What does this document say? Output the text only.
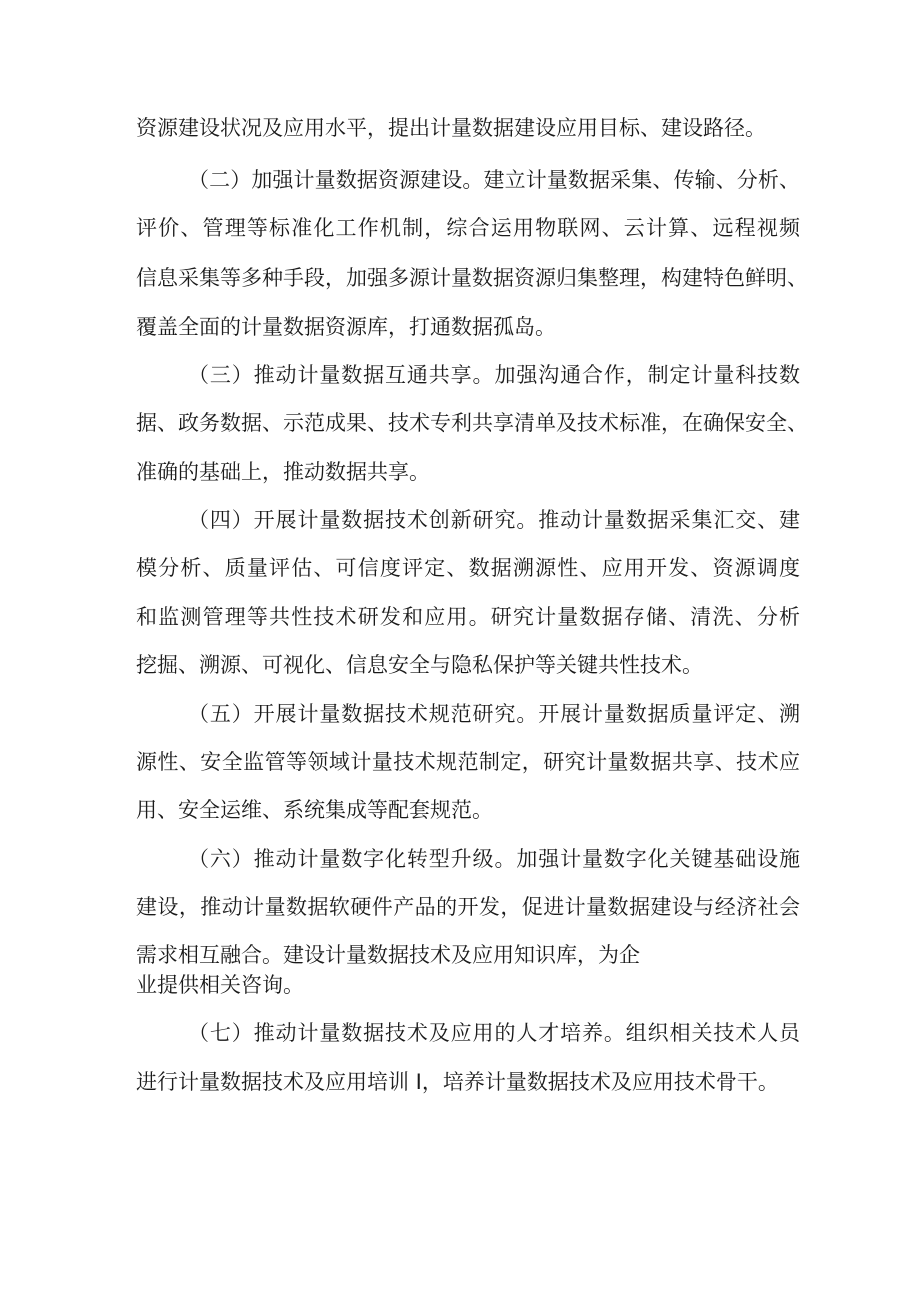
资源建设状况及应用水平，提出计量数据建设应用目标、建设路径。
（二）加强计量数据资源建设。建立计量数据采集、传输、分析、
评价、管理等标准化工作机制，综合运用物联网、云计算、远程视频
信息采集等多种手段，加强多源计量数据资源归集整理，构建特色鲜明、
覆盖全面的计量数据资源库，打通数据孤岛。
（三）推动计量数据互通共享。加强沟通合作，制定计量科技数
据、政务数据、示范成果、技术专利共享清单及技术标准，在确保安全、
准确的基础上，推动数据共享。
（四）开展计量数据技术创新研究。推动计量数据采集汇交、建
模分析、质量评估、可信度评定、数据溯源性、应用开发、资源调度
和监测管理等共性技术研发和应用。研究计量数据存储、清洗、分析
挖掘、溯源、可视化、信息安全与隐私保护等关键共性技术。
（五）开展计量数据技术规范研究。开展计量数据质量评定、溯
源性、安全监管等领域计量技术规范制定，研究计量数据共享、技术应
用、安全运维、系统集成等配套规范。
（六）推动计量数字化转型升级。加强计量数字化关键基础设施
建设，推动计量数据软硬件产品的开发，促进计量数据建设与经济社会
需求相互融合。建设计量数据技术及应用知识库，为企
业提供相关咨询。
（七）推动计量数据技术及应用的人才培养。组织相关技术人员
进行计量数据技术及应用培训 I，培养计量数据技术及应用技术骨干。
